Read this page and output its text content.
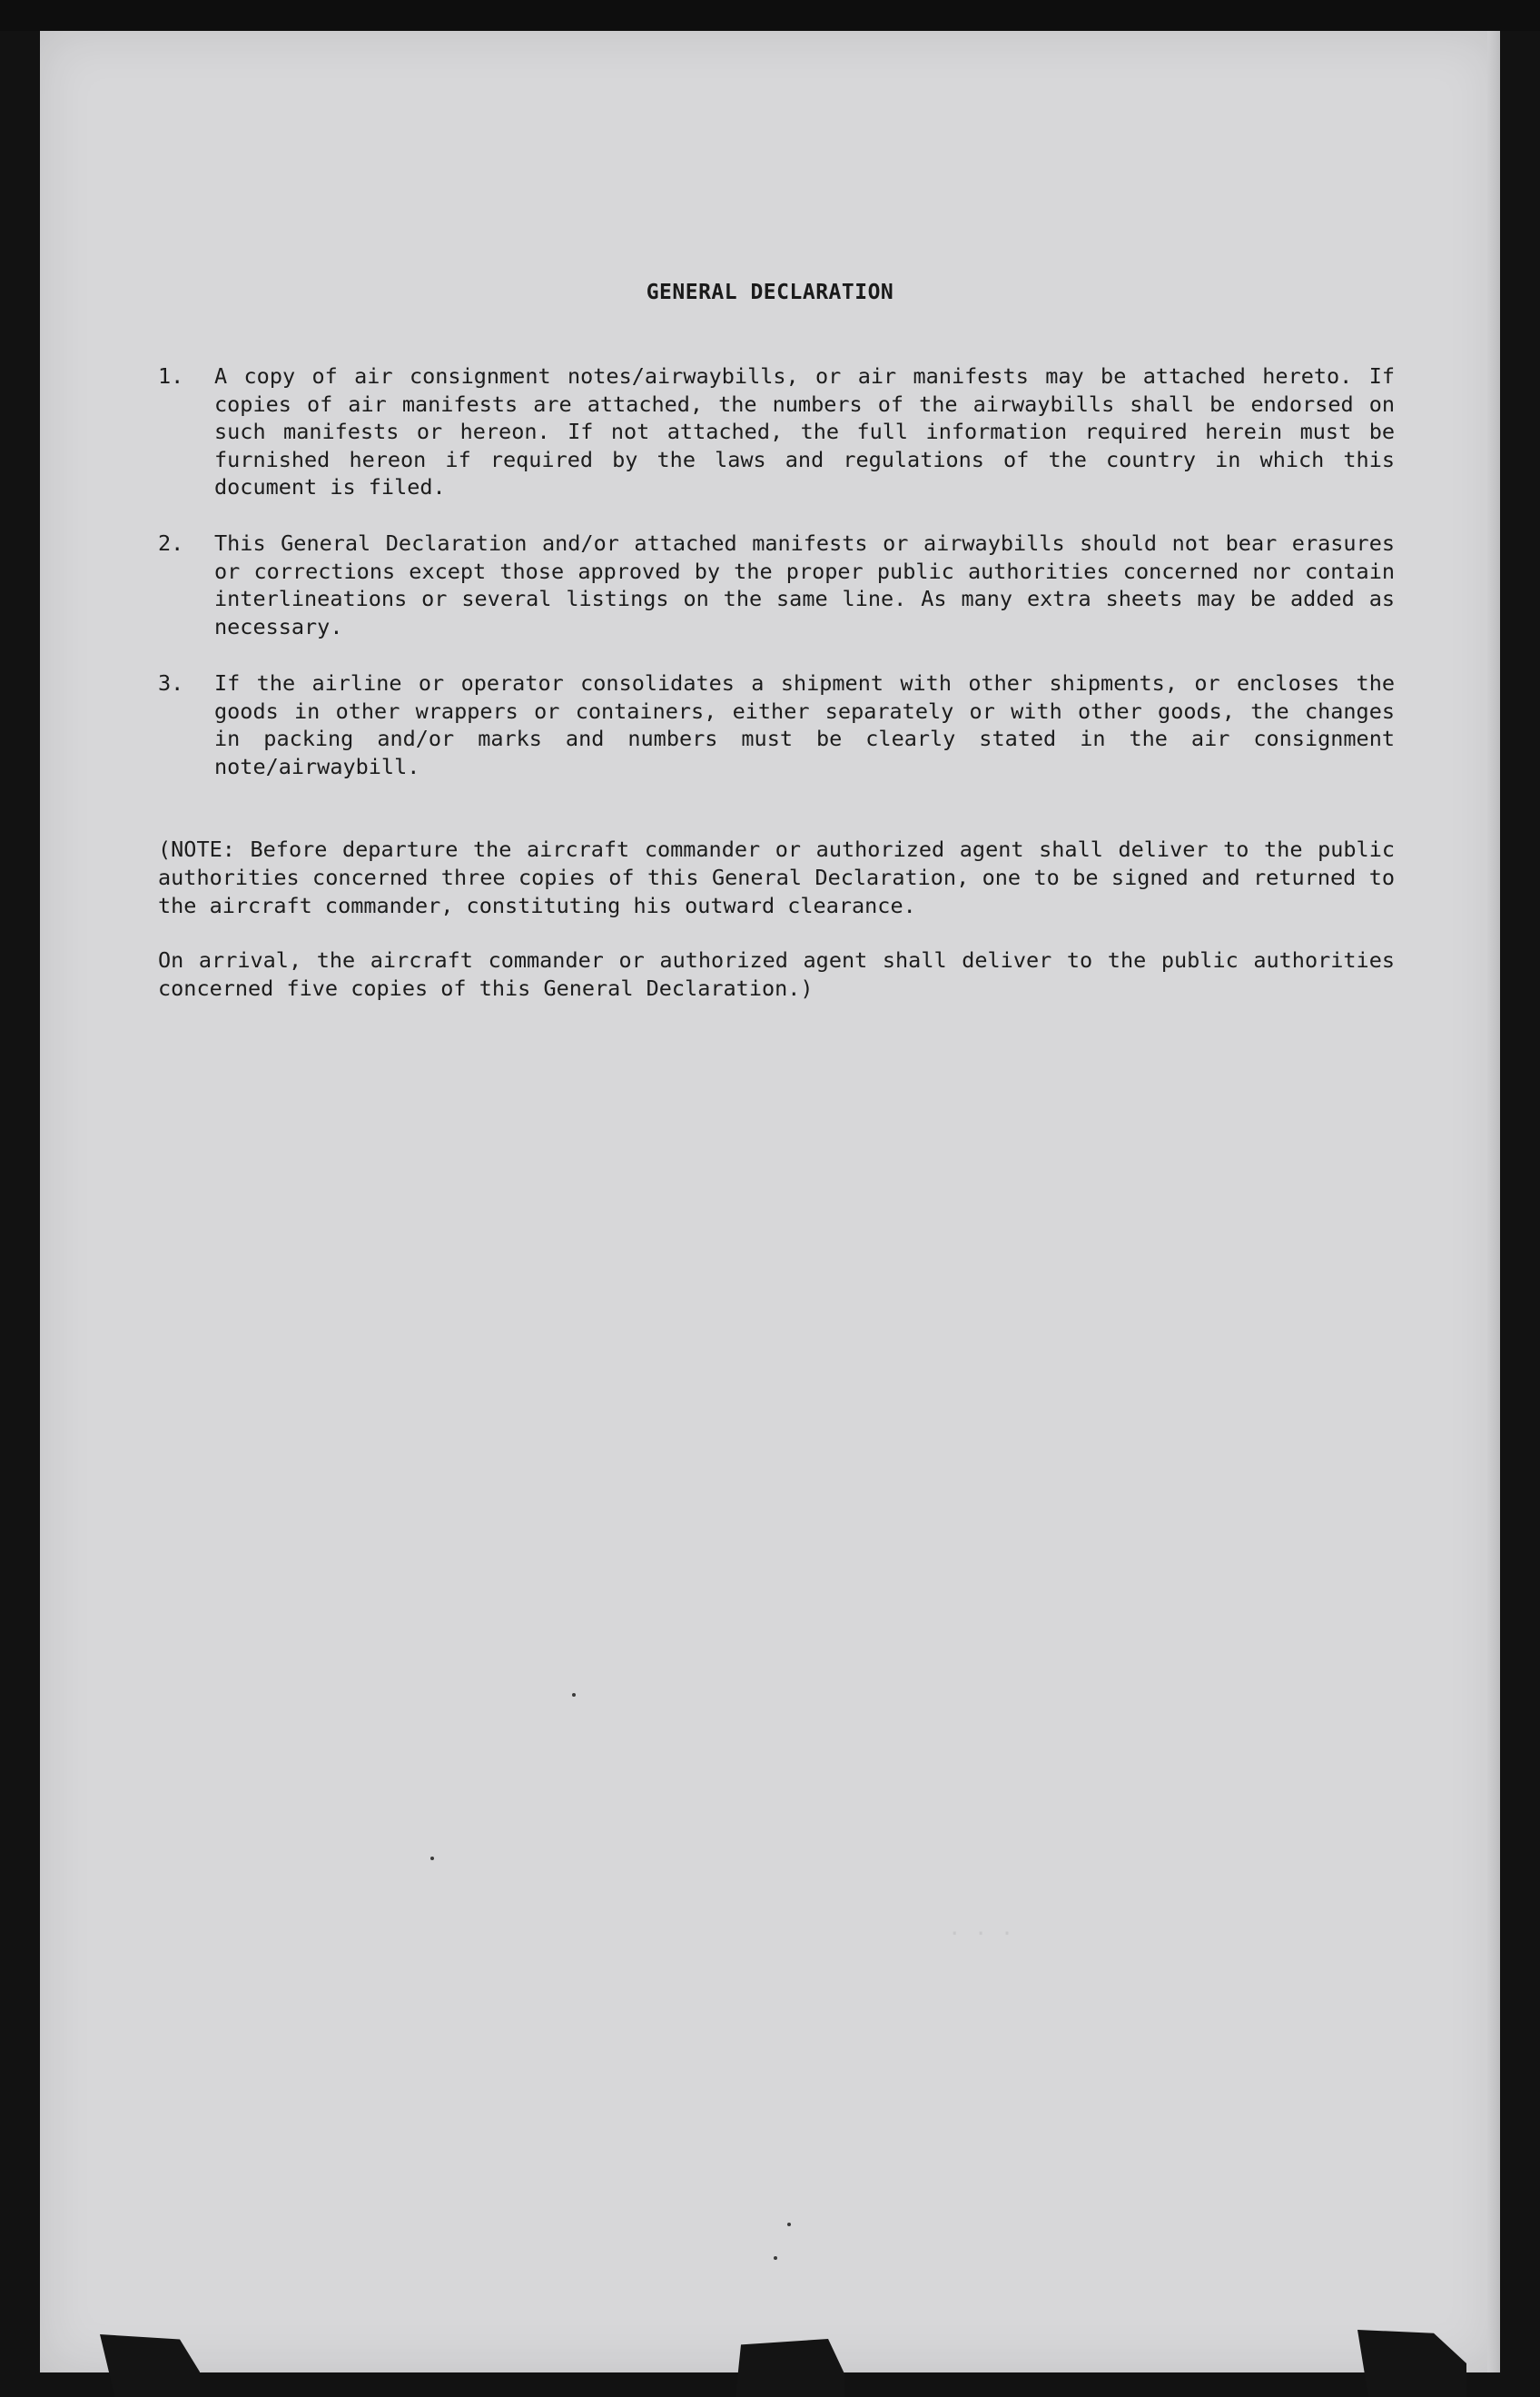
GENERAL DECLARATION
1. A copy of air consignment notes/airwaybills, or air manifests may be attached hereto. If copies of air manifests are attached, the numbers of the airwaybills shall be endorsed on such manifests or hereon. If not attached, the full information required herein must be furnished hereon if required by the laws and regulations of the country in which this document is filed.
2. This General Declaration and/or attached manifests or airwaybills should not bear erasures or corrections except those approved by the proper public authorities concerned nor contain interlineations or several listings on the same line. As many extra sheets may be added as necessary.
3. If the airline or operator consolidates a shipment with other shipments, or encloses the goods in other wrappers or containers, either separately or with other goods, the changes in packing and/or marks and numbers must be clearly stated in the air consignment note/airwaybill.
(NOTE: Before departure the aircraft commander or authorized agent shall deliver to the public authorities concerned three copies of this General Declaration, one to be signed and returned to the aircraft commander, constituting his outward clearance.
On arrival, the aircraft commander or authorized agent shall deliver to the public authorities concerned five copies of this General Declaration.)
· · ·
